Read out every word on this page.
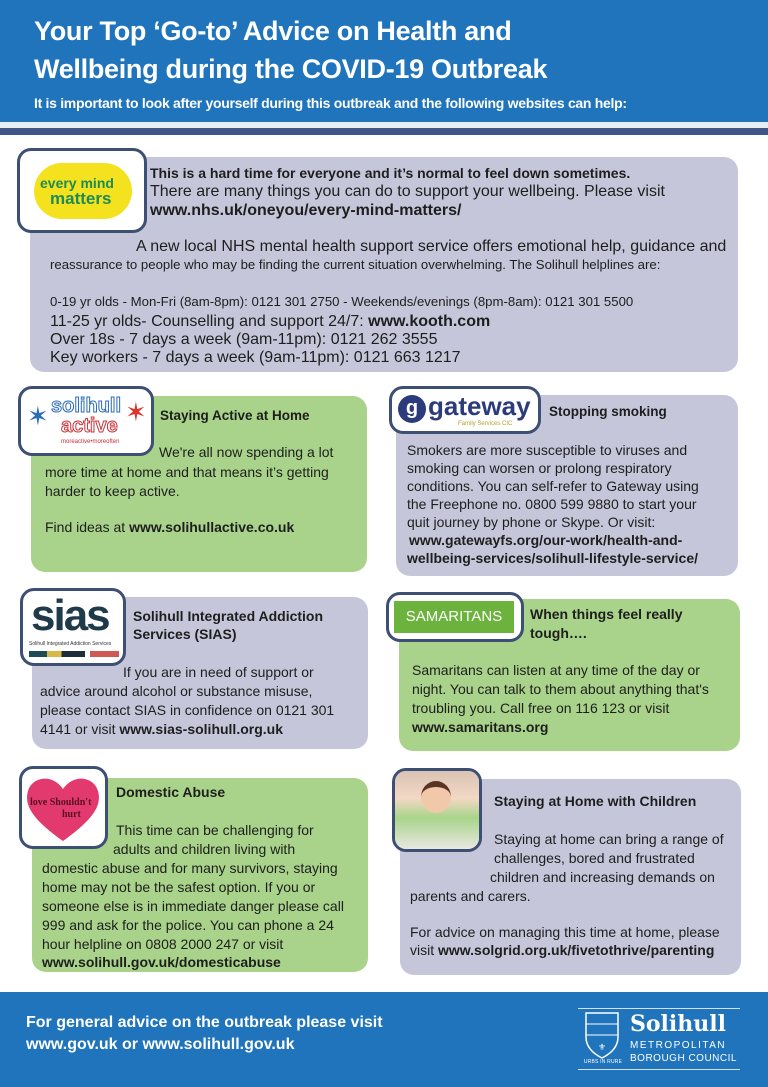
Your Top ‘Go-to’ Advice on Health and
Wellbeing during the COVID-19 Outbreak
It is important to look after yourself during this outbreak and the following websites can help:
every mind
matters
This is a hard time for everyone and it’s normal to feel down sometimes.
There are many things you can do to support your wellbeing. Please visit
www.nhs.uk/oneyou/every-mind-matters/
A new local NHS mental health support service offers emotional help, guidance and
reassurance to people who may be finding the current situation overwhelming. The Solihull helplines are:
0-19 yr olds - Mon-Fri (8am-8pm): 0121 301 2750 - Weekends/evenings (8pm-8am): 0121 301 5500
11-25 yr olds- Counselling and support 24/7: www.kooth.com
Over 18s - 7 days a week (9am-11pm): 0121 262 3555
Key workers - 7 days a week (9am-11pm): 0121 663 1217
✶ solihull
active ✶
moreactive•moreoften
Staying Active at Home
We're all now spending a lot
more time at home and that means it’s getting
harder to keep active.
Find ideas at www.solihullactive.co.uk
g gateway
Family Services CIC
Stopping smoking
Smokers are more susceptible to viruses and
smoking can worsen or prolong respiratory
conditions. You can self-refer to Gateway using
the Freephone no. 0800 599 9880 to start your
quit journey by phone or Skype. Or visit:
www.gatewayfs.org/our-work/health-and-
wellbeing-services/solihull-lifestyle-service/
sias
Solihull Integrated Addiction Services
Solihull Integrated Addiction
Services (SIAS)
If you are in need of support or
advice around alcohol or substance misuse,
please contact SIAS in confidence on 0121 301
4141 or visit www.sias-solihull.org.uk
SAMARITANS	When things feel really
tough….
Samaritans can listen at any time of the day or
night. You can talk to them about anything that's
troubling you. Call free on 116 123 or visit
www.samaritans.org
love Shouldn't
hurt
Domestic Abuse
This time can be challenging for
adults and children living with
domestic abuse and for many survivors, staying
home may not be the safest option. If you or
someone else is in immediate danger please call
999 and ask for the police. You can phone a 24
hour helpline on 0808 2000 247 or visit
www.solihull.gov.uk/domesticabuse
Staying at Home with Children
Staying at home can bring a range of
challenges, bored and frustrated
children and increasing demands on
parents and carers.
For advice on managing this time at home, please
visit www.solgrid.org.uk/fivetothrive/parenting
For general advice on the outbreak please visit
www.gov.uk or www.solihull.gov.uk	⚜
URBS IN RURE
Solihull
METROPOLITAN
BOROUGH COUNCIL
